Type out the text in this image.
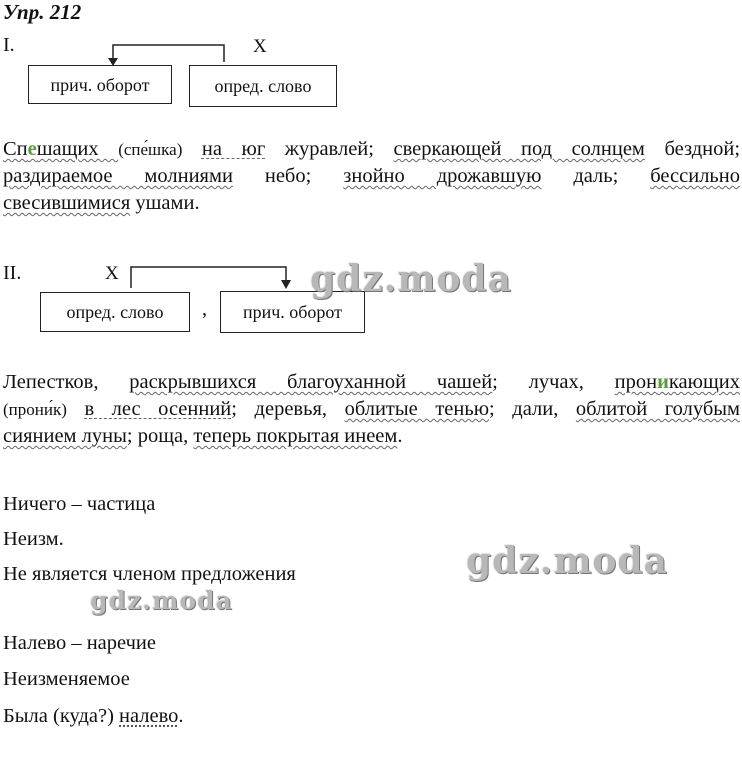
Упр. 212
I.	X
прич. оборот	опред. слово
Спешащих (спе́шка) на юг журавлей; сверкающей под солнцем бездной;
раздираемое молниями небо; знойно дрожавшую даль; бессильно
свесившимися ушами.
II.	X
опред. слово	,	прич. оборот
Лепестков, раскрывшихся благоуханной чашей; лучах, проникающих
(прони́к) в лес осенний; деревья, облитые тенью; дали, облитой голубым
сиянием луны; роща, теперь покрытая инеем.
Ничего – частица
Неизм.
Не является членом предложения
Налево – наречие
Неизменяемое
Была (куда?) налево.
gdz.moda
gdz.moda
gdz.moda
